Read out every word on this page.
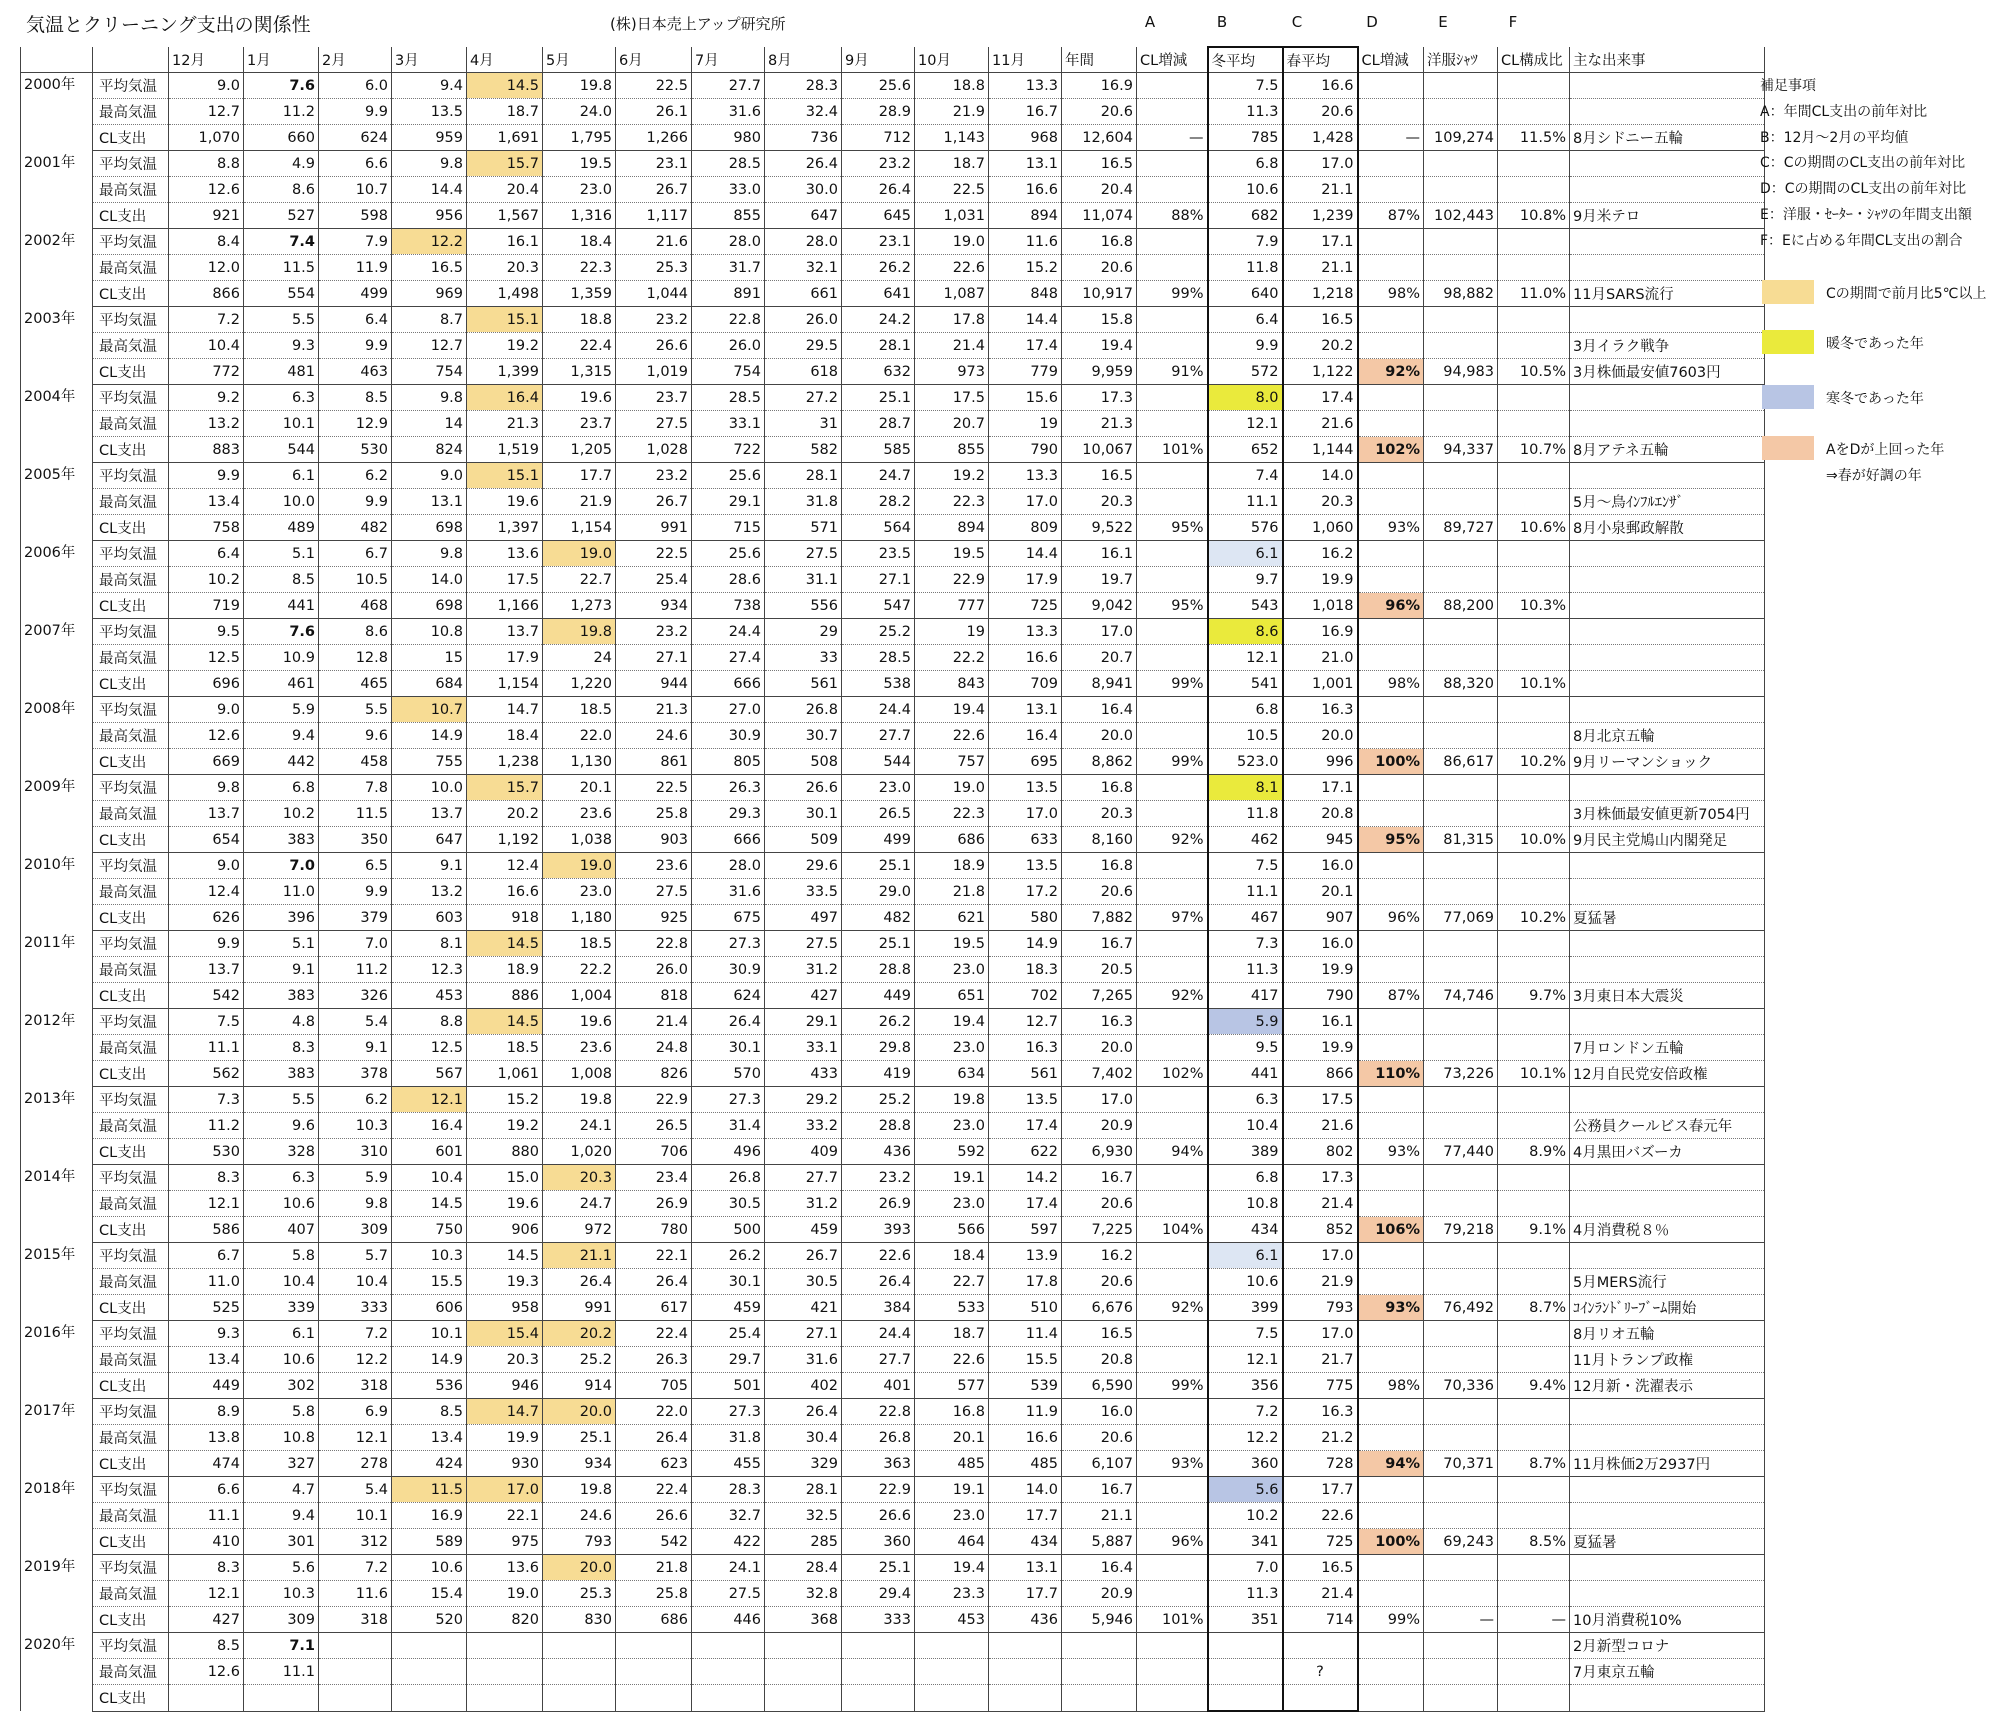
気温とクリーニング支出の関係性	(株)日本売上アップ研究所	A	B	C	D	E	F
		12月	1月	2月	3月	4月	5月	6月	7月	8月	9月	10月	11月	年間	CL増減	冬平均	春平均	CL増減	洋服ｼｬﾂ	CL構成比	主な出来事
2000年	平均気温	9.0	7.6	6.0	9.4	14.5	19.8	22.5	27.7	28.3	25.6	18.8	13.3	16.9		7.5	16.6				
	最高気温	12.7	11.2	9.9	13.5	18.7	24.0	26.1	31.6	32.4	28.9	21.9	16.7	20.6		11.3	20.6				
	CL支出	1,070	660	624	959	1,691	1,795	1,266	980	736	712	1,143	968	12,604	—	785	1,428	—	109,274	11.5%	8月シドニー五輪
2001年	平均気温	8.8	4.9	6.6	9.8	15.7	19.5	23.1	28.5	26.4	23.2	18.7	13.1	16.5		6.8	17.0				
	最高気温	12.6	8.6	10.7	14.4	20.4	23.0	26.7	33.0	30.0	26.4	22.5	16.6	20.4		10.6	21.1				
	CL支出	921	527	598	956	1,567	1,316	1,117	855	647	645	1,031	894	11,074	88%	682	1,239	87%	102,443	10.8%	9月米テロ
2002年	平均気温	8.4	7.4	7.9	12.2	16.1	18.4	21.6	28.0	28.0	23.1	19.0	11.6	16.8		7.9	17.1				
	最高気温	12.0	11.5	11.9	16.5	20.3	22.3	25.3	31.7	32.1	26.2	22.6	15.2	20.6		11.8	21.1				
	CL支出	866	554	499	969	1,498	1,359	1,044	891	661	641	1,087	848	10,917	99%	640	1,218	98%	98,882	11.0%	11月SARS流行
2003年	平均気温	7.2	5.5	6.4	8.7	15.1	18.8	23.2	22.8	26.0	24.2	17.8	14.4	15.8		6.4	16.5				
	最高気温	10.4	9.3	9.9	12.7	19.2	22.4	26.6	26.0	29.5	28.1	21.4	17.4	19.4		9.9	20.2				3月イラク戦争
	CL支出	772	481	463	754	1,399	1,315	1,019	754	618	632	973	779	9,959	91%	572	1,122	92%	94,983	10.5%	3月株価最安値7603円
2004年	平均気温	9.2	6.3	8.5	9.8	16.4	19.6	23.7	28.5	27.2	25.1	17.5	15.6	17.3		8.0	17.4				
	最高気温	13.2	10.1	12.9	14	21.3	23.7	27.5	33.1	31	28.7	20.7	19	21.3		12.1	21.6				
	CL支出	883	544	530	824	1,519	1,205	1,028	722	582	585	855	790	10,067	101%	652	1,144	102%	94,337	10.7%	8月アテネ五輪
2005年	平均気温	9.9	6.1	6.2	9.0	15.1	17.7	23.2	25.6	28.1	24.7	19.2	13.3	16.5		7.4	14.0				
	最高気温	13.4	10.0	9.9	13.1	19.6	21.9	26.7	29.1	31.8	28.2	22.3	17.0	20.3		11.1	20.3				5月～鳥ｲﾝﾌﾙｴﾝｻﾞ
	CL支出	758	489	482	698	1,397	1,154	991	715	571	564	894	809	9,522	95%	576	1,060	93%	89,727	10.6%	8月小泉郵政解散
2006年	平均気温	6.4	5.1	6.7	9.8	13.6	19.0	22.5	25.6	27.5	23.5	19.5	14.4	16.1		6.1	16.2				
	最高気温	10.2	8.5	10.5	14.0	17.5	22.7	25.4	28.6	31.1	27.1	22.9	17.9	19.7		9.7	19.9				
	CL支出	719	441	468	698	1,166	1,273	934	738	556	547	777	725	9,042	95%	543	1,018	96%	88,200	10.3%	
2007年	平均気温	9.5	7.6	8.6	10.8	13.7	19.8	23.2	24.4	29	25.2	19	13.3	17.0		8.6	16.9				
	最高気温	12.5	10.9	12.8	15	17.9	24	27.1	27.4	33	28.5	22.2	16.6	20.7		12.1	21.0				
	CL支出	696	461	465	684	1,154	1,220	944	666	561	538	843	709	8,941	99%	541	1,001	98%	88,320	10.1%	
2008年	平均気温	9.0	5.9	5.5	10.7	14.7	18.5	21.3	27.0	26.8	24.4	19.4	13.1	16.4		6.8	16.3				
	最高気温	12.6	9.4	9.6	14.9	18.4	22.0	24.6	30.9	30.7	27.7	22.6	16.4	20.0		10.5	20.0				8月北京五輪
	CL支出	669	442	458	755	1,238	1,130	861	805	508	544	757	695	8,862	99%	523.0	996	100%	86,617	10.2%	9月リーマンショック
2009年	平均気温	9.8	6.8	7.8	10.0	15.7	20.1	22.5	26.3	26.6	23.0	19.0	13.5	16.8		8.1	17.1				
	最高気温	13.7	10.2	11.5	13.7	20.2	23.6	25.8	29.3	30.1	26.5	22.3	17.0	20.3		11.8	20.8				3月株価最安値更新7054円
	CL支出	654	383	350	647	1,192	1,038	903	666	509	499	686	633	8,160	92%	462	945	95%	81,315	10.0%	9月民主党鳩山内閣発足
2010年	平均気温	9.0	7.0	6.5	9.1	12.4	19.0	23.6	28.0	29.6	25.1	18.9	13.5	16.8		7.5	16.0				
	最高気温	12.4	11.0	9.9	13.2	16.6	23.0	27.5	31.6	33.5	29.0	21.8	17.2	20.6		11.1	20.1				
	CL支出	626	396	379	603	918	1,180	925	675	497	482	621	580	7,882	97%	467	907	96%	77,069	10.2%	夏猛暑
2011年	平均気温	9.9	5.1	7.0	8.1	14.5	18.5	22.8	27.3	27.5	25.1	19.5	14.9	16.7		7.3	16.0				
	最高気温	13.7	9.1	11.2	12.3	18.9	22.2	26.0	30.9	31.2	28.8	23.0	18.3	20.5		11.3	19.9				
	CL支出	542	383	326	453	886	1,004	818	624	427	449	651	702	7,265	92%	417	790	87%	74,746	9.7%	3月東日本大震災
2012年	平均気温	7.5	4.8	5.4	8.8	14.5	19.6	21.4	26.4	29.1	26.2	19.4	12.7	16.3		5.9	16.1				
	最高気温	11.1	8.3	9.1	12.5	18.5	23.6	24.8	30.1	33.1	29.8	23.0	16.3	20.0		9.5	19.9				7月ロンドン五輪
	CL支出	562	383	378	567	1,061	1,008	826	570	433	419	634	561	7,402	102%	441	866	110%	73,226	10.1%	12月自民党安倍政権
2013年	平均気温	7.3	5.5	6.2	12.1	15.2	19.8	22.9	27.3	29.2	25.2	19.8	13.5	17.0		6.3	17.5				
	最高気温	11.2	9.6	10.3	16.4	19.2	24.1	26.5	31.4	33.2	28.8	23.0	17.4	20.9		10.4	21.6				公務員クールビス春元年
	CL支出	530	328	310	601	880	1,020	706	496	409	436	592	622	6,930	94%	389	802	93%	77,440	8.9%	4月黒田バズーカ
2014年	平均気温	8.3	6.3	5.9	10.4	15.0	20.3	23.4	26.8	27.7	23.2	19.1	14.2	16.7		6.8	17.3				
	最高気温	12.1	10.6	9.8	14.5	19.6	24.7	26.9	30.5	31.2	26.9	23.0	17.4	20.6		10.8	21.4				
	CL支出	586	407	309	750	906	972	780	500	459	393	566	597	7,225	104%	434	852	106%	79,218	9.1%	4月消費税８％
2015年	平均気温	6.7	5.8	5.7	10.3	14.5	21.1	22.1	26.2	26.7	22.6	18.4	13.9	16.2		6.1	17.0				
	最高気温	11.0	10.4	10.4	15.5	19.3	26.4	26.4	30.1	30.5	26.4	22.7	17.8	20.6		10.6	21.9				5月MERS流行
	CL支出	525	339	333	606	958	991	617	459	421	384	533	510	6,676	92%	399	793	93%	76,492	8.7%	ｺｲﾝﾗﾝﾄﾞﾘｰﾌﾞｰﾑ開始
2016年	平均気温	9.3	6.1	7.2	10.1	15.4	20.2	22.4	25.4	27.1	24.4	18.7	11.4	16.5		7.5	17.0				8月リオ五輪
	最高気温	13.4	10.6	12.2	14.9	20.3	25.2	26.3	29.7	31.6	27.7	22.6	15.5	20.8		12.1	21.7				11月トランプ政権
	CL支出	449	302	318	536	946	914	705	501	402	401	577	539	6,590	99%	356	775	98%	70,336	9.4%	12月新・洗濯表示
2017年	平均気温	8.9	5.8	6.9	8.5	14.7	20.0	22.0	27.3	26.4	22.8	16.8	11.9	16.0		7.2	16.3				
	最高気温	13.8	10.8	12.1	13.4	19.9	25.1	26.4	31.8	30.4	26.8	20.1	16.6	20.6		12.2	21.2				
	CL支出	474	327	278	424	930	934	623	455	329	363	485	485	6,107	93%	360	728	94%	70,371	8.7%	11月株価2万2937円
2018年	平均気温	6.6	4.7	5.4	11.5	17.0	19.8	22.4	28.3	28.1	22.9	19.1	14.0	16.7		5.6	17.7				
	最高気温	11.1	9.4	10.1	16.9	22.1	24.6	26.6	32.7	32.5	26.6	23.0	17.7	21.1		10.2	22.6				
	CL支出	410	301	312	589	975	793	542	422	285	360	464	434	5,887	96%	341	725	100%	69,243	8.5%	夏猛暑
2019年	平均気温	8.3	5.6	7.2	10.6	13.6	20.0	21.8	24.1	28.4	25.1	19.4	13.1	16.4		7.0	16.5				
	最高気温	12.1	10.3	11.6	15.4	19.0	25.3	25.8	27.5	32.8	29.4	23.3	17.7	20.9		11.3	21.4				
	CL支出	427	309	318	520	820	830	686	446	368	333	453	436	5,946	101%	351	714	99%	—	—	10月消費税10%
2020年	平均気温	8.5	7.1																		2月新型コロナ
	最高気温	12.6	11.1														?				7月東京五輪
	CL支出																				
補足事項
A：年間CL支出の前年対比
B：12月～2月の平均値
C：Cの期間のCL支出の前年対比
D：Cの期間のCL支出の前年対比
E：洋服・ｾｰﾀｰ・ｼｬﾂの年間支出額
F：Eに占める年間CL支出の割合
Cの期間で前月比5℃以上
暖冬であった年
寒冬であった年
AをDが上回った年
⇒春が好調の年
